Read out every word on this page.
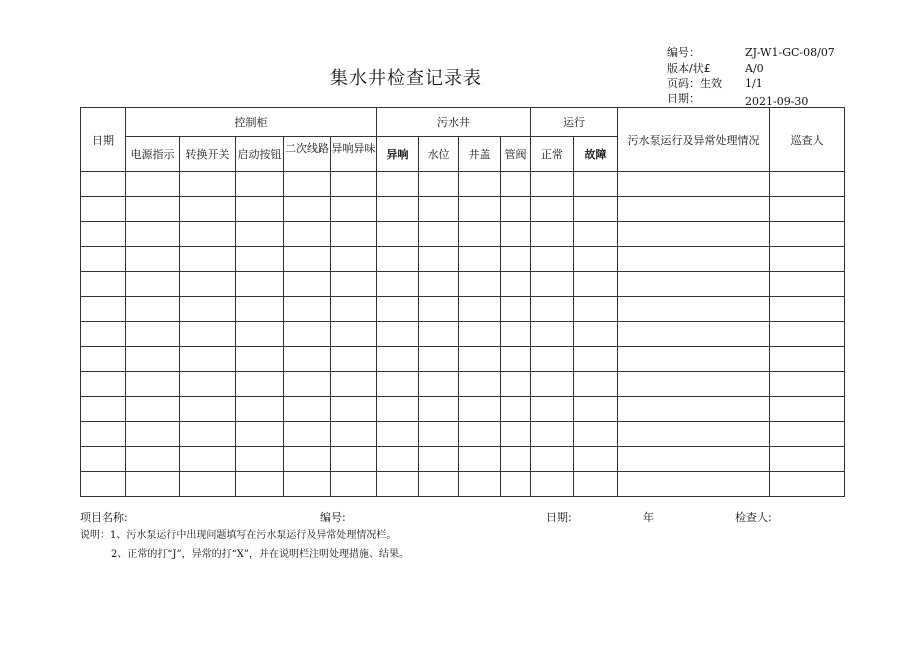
集水井检查记录表
编号：	ZJ-W1-GC-08/07
版本/状£	A/0
页码：生效 1/1
日期：	2021-09-30
日期	控制柜					污水井				运行		污水泵运行及异常处理情况	巡查人
	电源指示	转换开关	启动按钮	二次线路	异响异味	异响	水位	井盖	管阀	正常	故障		

项目名称:	编号:	日期:	年	检查人:
说明：1、污水泵运行中出现问题填写在污水泵运行及异常处理情况栏。
2、正常的打“J”，异常的打“X”，并在说明栏注明处理措施、结果。
